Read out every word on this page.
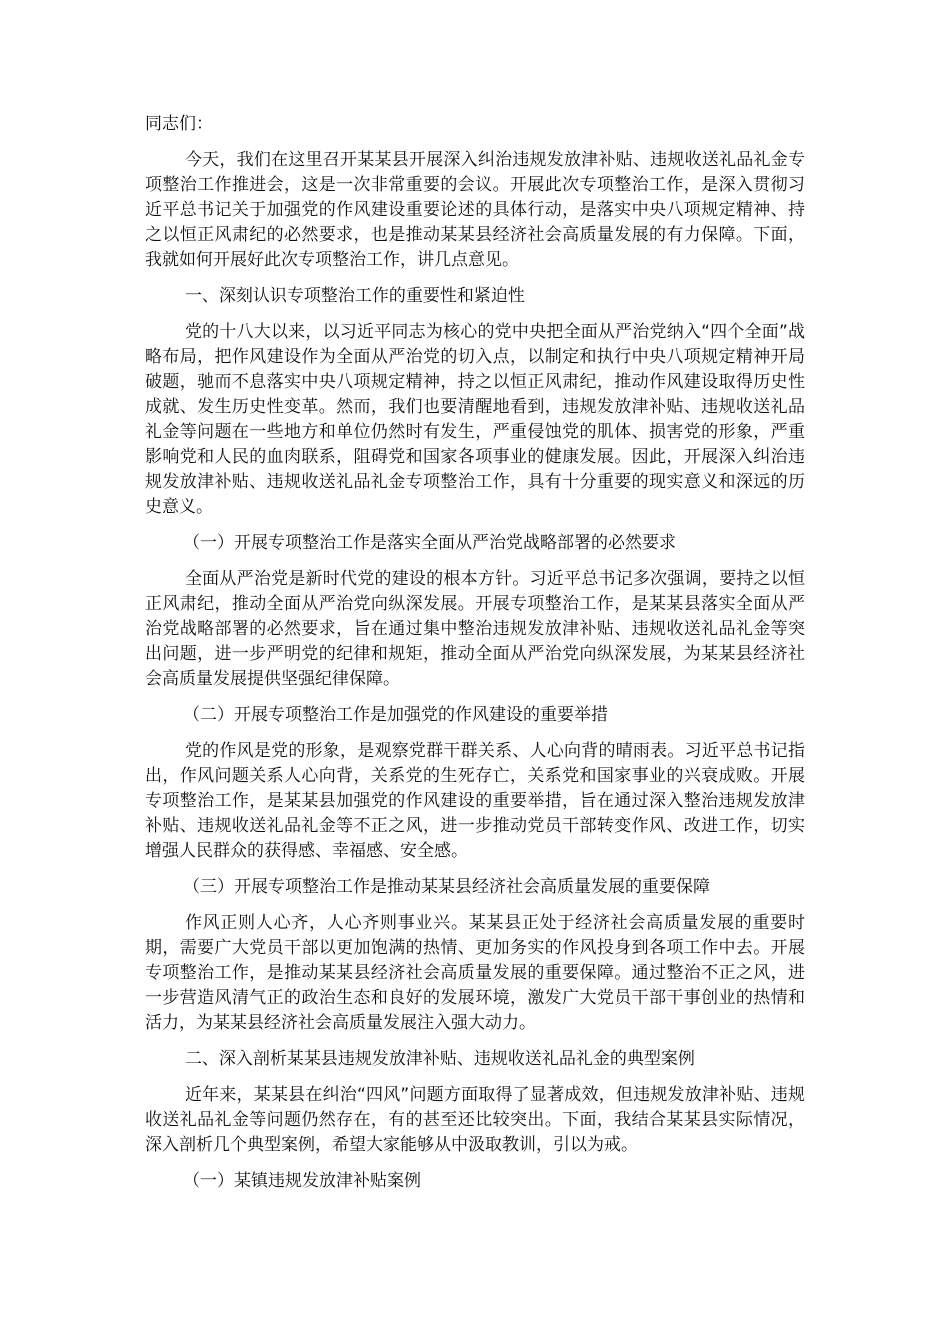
同志们：

今天，我们在这里召开某某县开展深入纠治违规发放津补贴、违规收送礼品礼金专项整治工作推进会，这是一次非常重要的会议。开展此次专项整治工作，是深入贯彻习近平总书记关于加强党的作风建设重要论述的具体行动，是落实中央八项规定精神、持之以恒正风肃纪的必然要求，也是推动某某县经济社会高质量发展的有力保障。下面，我就如何开展好此次专项整治工作，讲几点意见。

一、深刻认识专项整治工作的重要性和紧迫性

党的十八大以来，以习近平同志为核心的党中央把全面从严治党纳入“四个全面”战略布局，把作风建设作为全面从严治党的切入点，以制定和执行中央八项规定精神开局破题，驰而不息落实中央八项规定精神，持之以恒正风肃纪，推动作风建设取得历史性成就、发生历史性变革。然而，我们也要清醒地看到，违规发放津补贴、违规收送礼品礼金等问题在一些地方和单位仍然时有发生，严重侵蚀党的肌体、损害党的形象，严重影响党和人民的血肉联系，阻碍党和国家各项事业的健康发展。因此，开展深入纠治违规发放津补贴、违规收送礼品礼金专项整治工作，具有十分重要的现实意义和深远的历史意义。

（一）开展专项整治工作是落实全面从严治党战略部署的必然要求

全面从严治党是新时代党的建设的根本方针。习近平总书记多次强调，要持之以恒正风肃纪，推动全面从严治党向纵深发展。开展专项整治工作，是某某县落实全面从严治党战略部署的必然要求，旨在通过集中整治违规发放津补贴、违规收送礼品礼金等突出问题，进一步严明党的纪律和规矩，推动全面从严治党向纵深发展，为某某县经济社会高质量发展提供坚强纪律保障。

（二）开展专项整治工作是加强党的作风建设的重要举措

党的作风是党的形象，是观察党群干群关系、人心向背的晴雨表。习近平总书记指出，作风问题关系人心向背，关系党的生死存亡，关系党和国家事业的兴衰成败。开展专项整治工作，是某某县加强党的作风建设的重要举措，旨在通过深入整治违规发放津补贴、违规收送礼品礼金等不正之风，进一步推动党员干部转变作风、改进工作，切实增强人民群众的获得感、幸福感、安全感。

（三）开展专项整治工作是推动某某县经济社会高质量发展的重要保障

作风正则人心齐，人心齐则事业兴。某某县正处于经济社会高质量发展的重要时期，需要广大党员干部以更加饱满的热情、更加务实的作风投身到各项工作中去。开展专项整治工作，是推动某某县经济社会高质量发展的重要保障。通过整治不正之风，进一步营造风清气正的政治生态和良好的发展环境，激发广大党员干部干事创业的热情和活力，为某某县经济社会高质量发展注入强大动力。

二、深入剖析某某县违规发放津补贴、违规收送礼品礼金的典型案例

近年来，某某县在纠治“四风”问题方面取得了显著成效，但违规发放津补贴、违规收送礼品礼金等问题仍然存在，有的甚至还比较突出。下面，我结合某某县实际情况，深入剖析几个典型案例，希望大家能够从中汲取教训，引以为戒。

（一）某镇违规发放津补贴案例
